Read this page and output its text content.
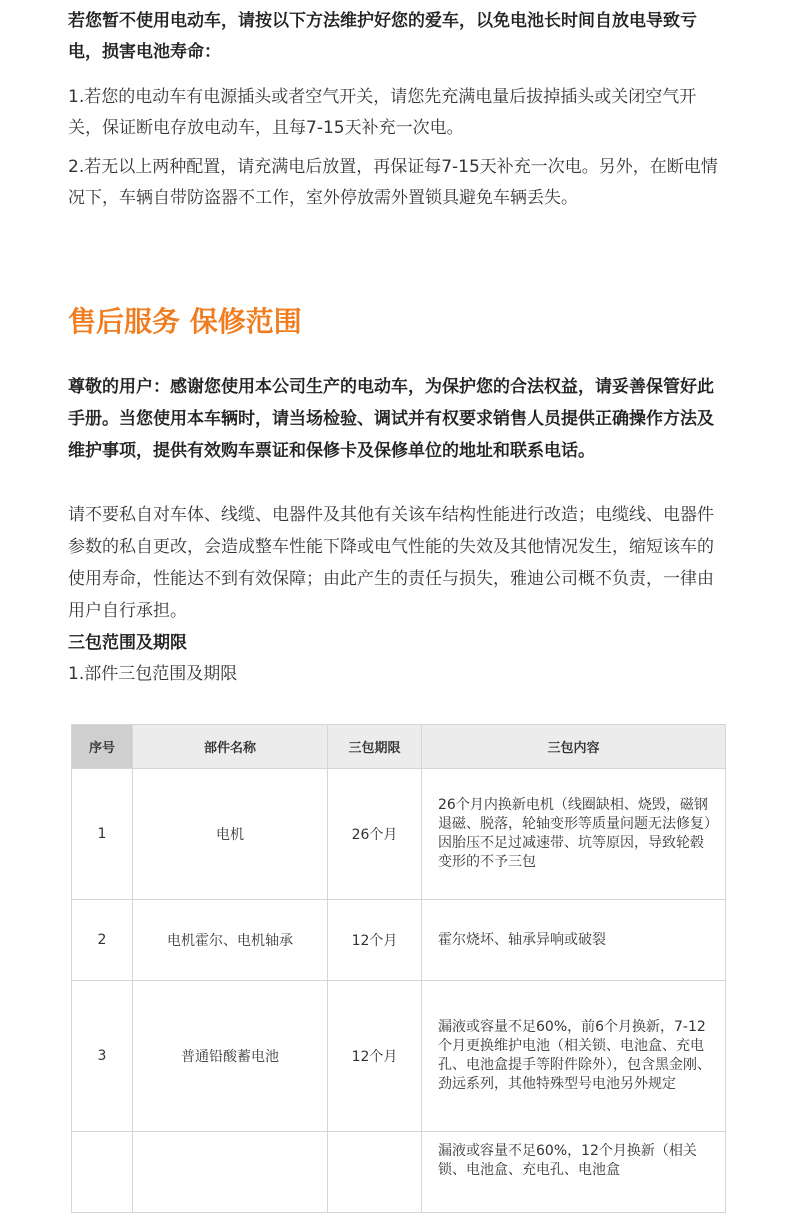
若您暂不使用电动车，请按以下方法维护好您的爱车，以免电池长时间自放电导致亏电，损害电池寿命：

1.若您的电动车有电源插头或者空气开关，请您先充满电量后拔掉插头或关闭空气开关，保证断电存放电动车，且每7-15天补充一次电。

2.若无以上两种配置，请充满电后放置，再保证每7-15天补充一次电。另外，在断电情况下，车辆自带防盗器不工作，室外停放需外置锁具避免车辆丢失。

售后服务 保修范围

尊敬的用户：感谢您使用本公司生产的电动车，为保护您的合法权益，请妥善保管好此手册。当您使用本车辆时，请当场检验、调试并有权要求销售人员提供正确操作方法及维护事项，提供有效购车票证和保修卡及保修单位的地址和联系电话。

请不要私自对车体、线缆、电器件及其他有关该车结构性能进行改造；电缆线、电器件参数的私自更改，会造成整车性能下降或电气性能的失效及其他情况发生，缩短该车的使用寿命，性能达不到有效保障；由此产生的责任与损失，雅迪公司概不负责，一律由用户自行承担。

三包范围及期限

1.部件三包范围及期限

序号	部件名称	三包期限	三包内容
1	电机	26个月	26个月内换新电机（线圈缺相、烧毁，磁钢退磁、脱落，轮轴变形等质量问题无法修复）因胎压不足过减速带、坑等原因，导致轮毂变形的不予三包
2	电机霍尔、电机轴承	12个月	霍尔烧坏、轴承异响或破裂
3	普通铅酸蓄电池	12个月	漏液或容量不足60%，前6个月换新，7-12个月更换维护电池（相关锁、电池盒、充电孔、电池盒提手等附件除外），包含黑金刚、劲远系列，其他特殊型号电池另外规定
			漏液或容量不足60%，12个月换新（相关锁、电池盒、充电孔、电池盒
